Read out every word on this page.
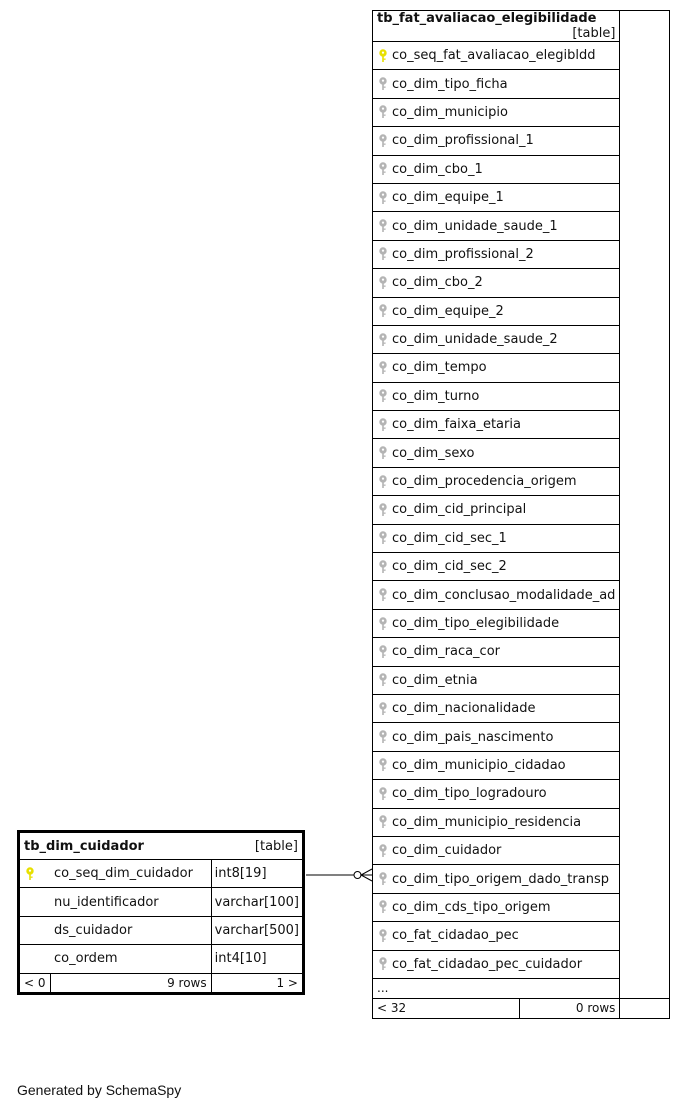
tb_fat_avaliacao_elegibilidade
[table]			

	co_seq_fat_avaliacao_elegibldd		

	co_dim_tipo_ficha		

	co_dim_municipio		

	co_dim_profissional_1		

	co_dim_cbo_1		

	co_dim_equipe_1		

	co_dim_unidade_saude_1		

	co_dim_profissional_2		

	co_dim_cbo_2		

	co_dim_equipe_2		

	co_dim_unidade_saude_2		

	co_dim_tempo		

	co_dim_turno		

	co_dim_faixa_etaria		

	co_dim_sexo		

	co_dim_procedencia_origem		

	co_dim_cid_principal		

	co_dim_cid_sec_1		

	co_dim_cid_sec_2		

	co_dim_conclusao_modalidade_ad		

	co_dim_tipo_elegibilidade		

	co_dim_raca_cor		

	co_dim_etnia		

	co_dim_nacionalidade		

	co_dim_pais_nascimento		

	co_dim_municipio_cidadao		

	co_dim_tipo_logradouro		

	co_dim_municipio_residencia		

	co_dim_cuidador		

	co_dim_tipo_origem_dado_transp		

	co_dim_cds_tipo_origem		

	co_fat_cidadao_pec		

	co_fat_cidadao_pec_cuidador		
...			
< 32		0 rows	
tb_dim_cuidador [table]		

	co_seq_dim_cuidador	int8[19]
	nu_identificador	varchar[100]
	ds_cuidador	varchar[500]
	co_ordem	int4[10]
< 0	9 rows	1 >
Generated by SchemaSpy
